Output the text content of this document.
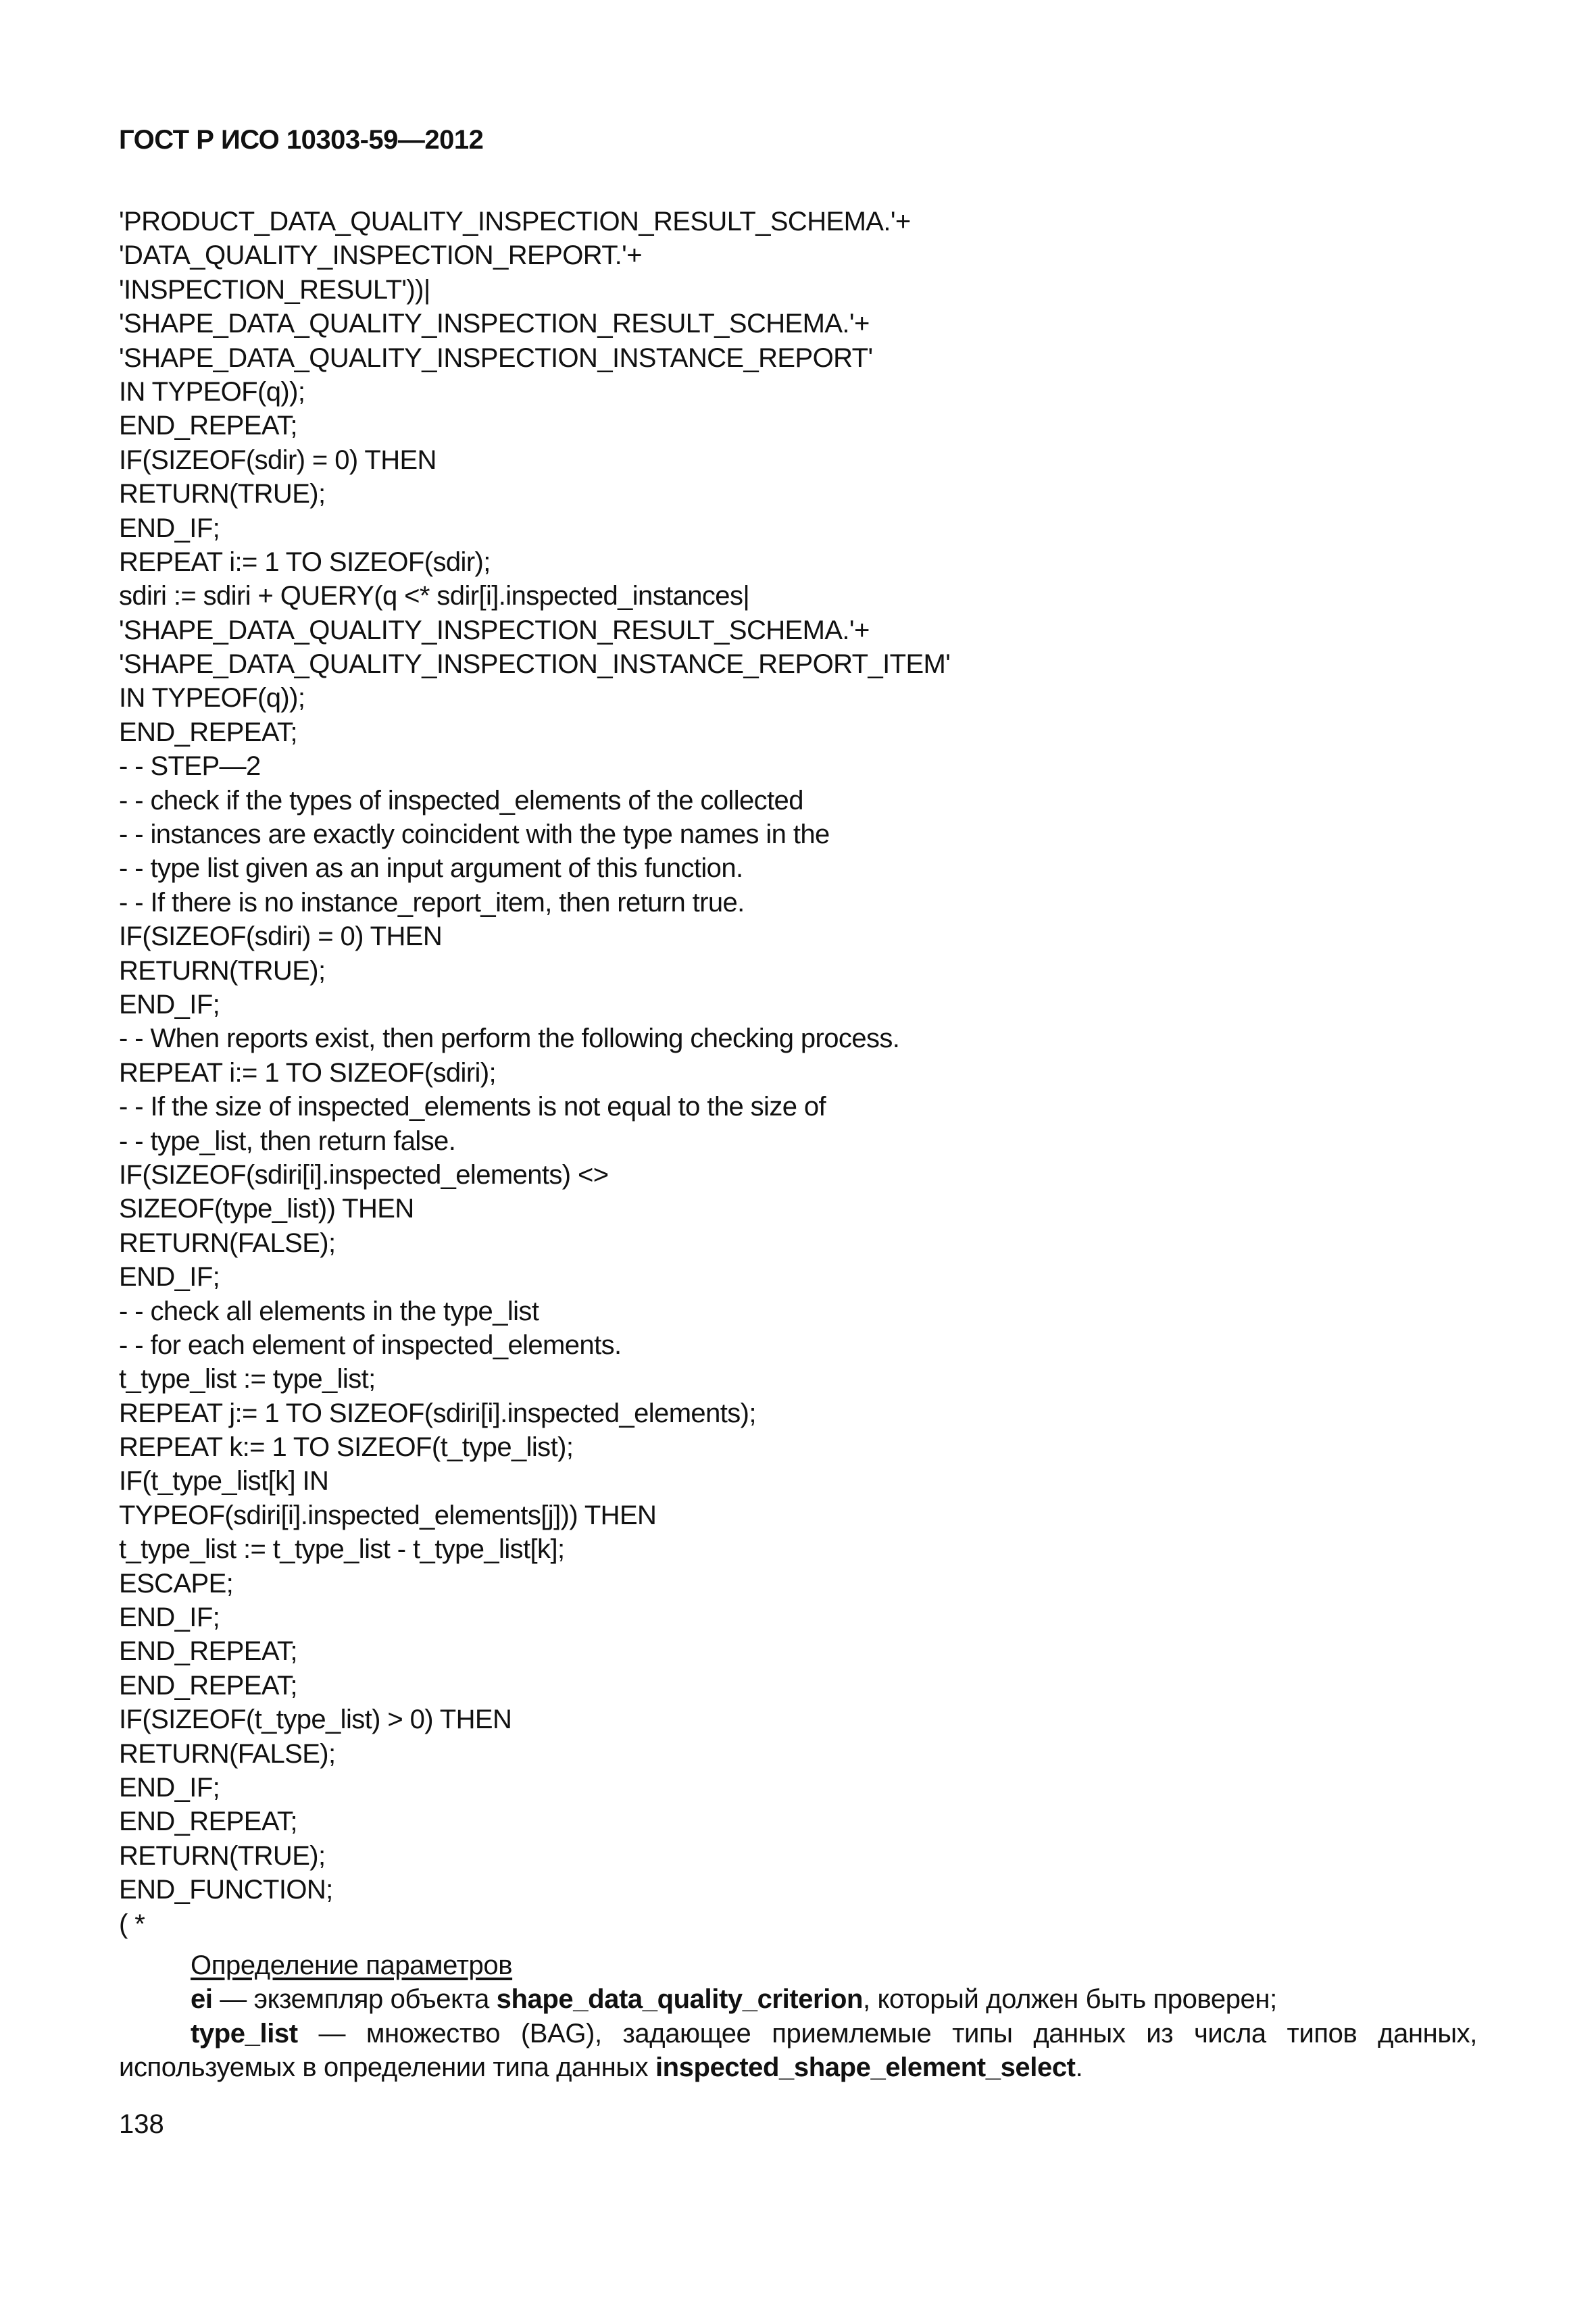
ГОСТ Р ИСО 10303-59—2012
'PRODUCT_DATA_QUALITY_INSPECTION_RESULT_SCHEMA.'+
'DATA_QUALITY_INSPECTION_REPORT.'+
'INSPECTION_RESULT'))|
'SHAPE_DATA_QUALITY_INSPECTION_RESULT_SCHEMA.'+
'SHAPE_DATA_QUALITY_INSPECTION_INSTANCE_REPORT'
IN TYPEOF(q));
END_REPEAT;
IF(SIZEOF(sdir) = 0) THEN
RETURN(TRUE);
END_IF;
REPEAT i:= 1 TO SIZEOF(sdir);
sdiri := sdiri + QUERY(q <* sdir[i].inspected_instances|
'SHAPE_DATA_QUALITY_INSPECTION_RESULT_SCHEMA.'+
'SHAPE_DATA_QUALITY_INSPECTION_INSTANCE_REPORT_ITEM'
IN TYPEOF(q));
END_REPEAT;
- - STEP—2
- - check if the types of inspected_elements of the collected
- - instances are exactly coincident with the type names in the
- - type list given as an input argument of this function.
- - If there is no instance_report_item, then return true.
IF(SIZEOF(sdiri) = 0) THEN
RETURN(TRUE);
END_IF;
- - When reports exist, then perform the following checking process.
REPEAT i:= 1 TO SIZEOF(sdiri);
- - If the size of inspected_elements is not equal to the size of
- - type_list, then return false.
IF(SIZEOF(sdiri[i].inspected_elements) <>
SIZEOF(type_list)) THEN
RETURN(FALSE);
END_IF;
- - check all elements in the type_list
- - for each element of inspected_elements.
t_type_list := type_list;
REPEAT j:= 1 TO SIZEOF(sdiri[i].inspected_elements);
REPEAT k:= 1 TO SIZEOF(t_type_list);
IF(t_type_list[k] IN
TYPEOF(sdiri[i].inspected_elements[j])) THEN
t_type_list := t_type_list - t_type_list[k];
ESCAPE;
END_IF;
END_REPEAT;
END_REPEAT;
IF(SIZEOF(t_type_list) > 0) THEN
RETURN(FALSE);
END_IF;
END_REPEAT;
RETURN(TRUE);
END_FUNCTION;
( *
Определение параметров
ei — экземпляр объекта shape_data_quality_criterion, который должен быть проверен;
type_list — множество (BAG), задающее приемлемые типы данных из числа типов данных,
используемых в определении типа данных inspected_shape_element_select.
138
